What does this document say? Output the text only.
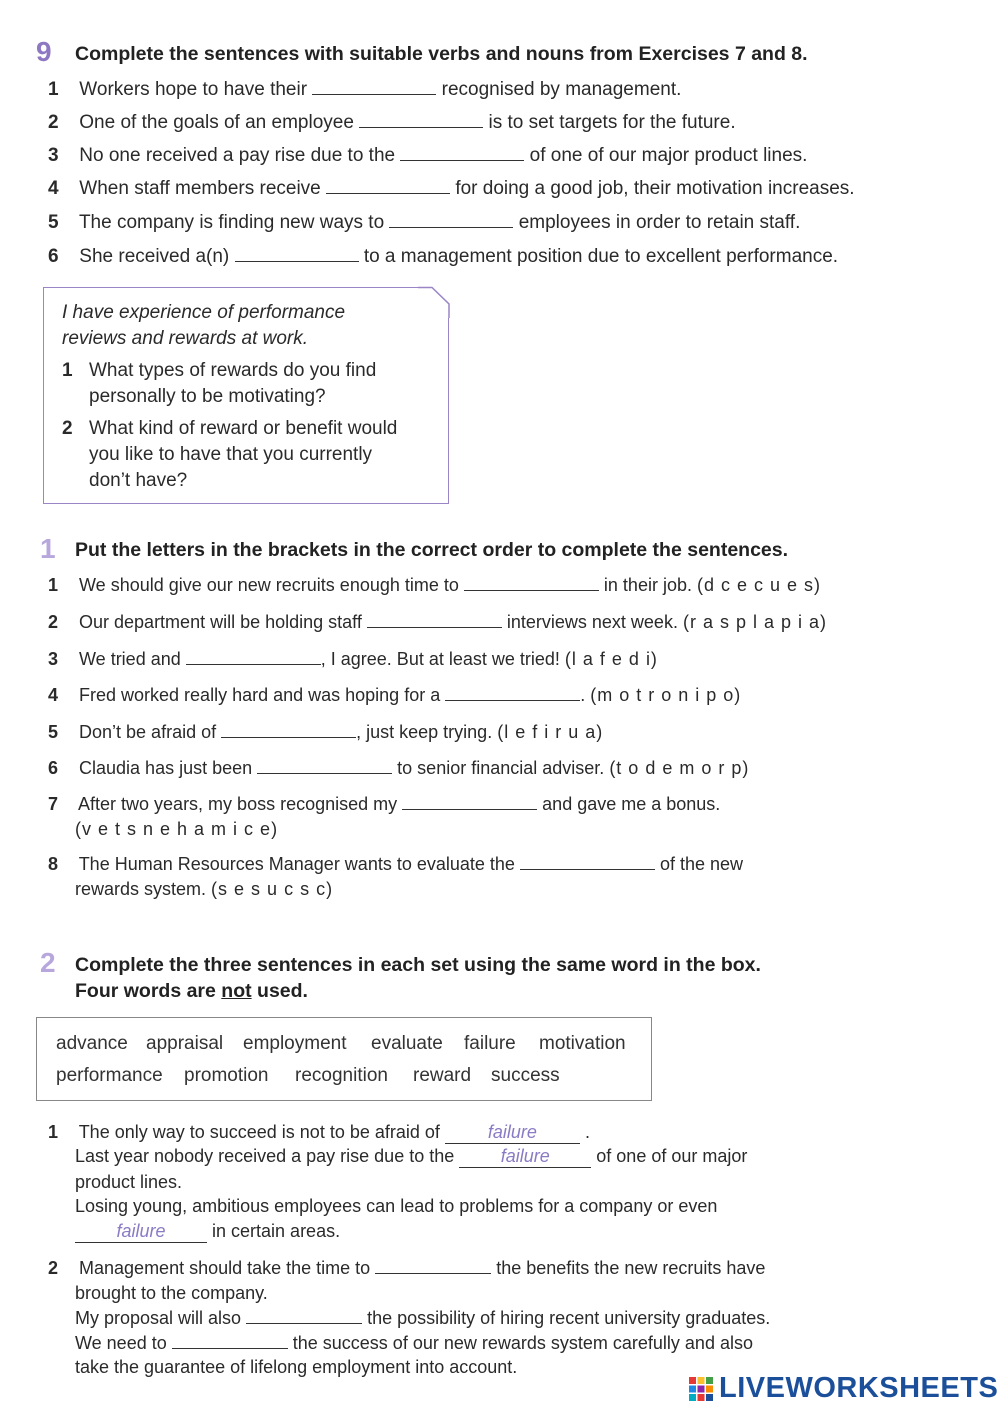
9 Complete the sentences with suitable verbs and nouns from Exercises 7 and 8.
1 Workers hope to have their	recognised by management.
2 One of the goals of an employee	is to set targets for the future.
3 No one received a pay rise due to the	of one of our major product lines.
4 When staff members receive	for doing a good job, their motivation increases.
5 The company is finding new ways to	employees in order to retain staff.
6 She received a(n)	to a management position due to excellent performance.
I have experience of performance
reviews and rewards at work.
1 What types of rewards do you find
personally to be motivating?
2 What kind of reward or benefit would
you like to have that you currently
don’t have?
1 Put the letters in the brackets in the correct order to complete the sentences.
1 We should give our new recruits enough time to	in their job. (d c e c u e s)
2 Our department will be holding staff	interviews next week. (r a s p l a p i a)
3 We tried and	, I agree. But at least we tried! (l a f e d i)
4 Fred worked really hard and was hoping for a	. (m o t r o n i p o)
5 Don’t be afraid of	, just keep trying. (l e f i r u a)
6 Claudia has just been	to senior financial adviser. (t o d e m o r p)
7 After two years, my boss recognised my	and gave me a bonus.
(v e t s n e h a m i c e)
8 The Human Resources Manager wants to evaluate the	of the new
rewards system. (s e s u c s c)
2 Complete the three sentences in each set using the same word in the box.
Four words are not used.
advance appraisal employment evaluate failure motivation
performance promotion recognition reward success
1 The only way to succeed is not to be afraid of	failure	.
Last year nobody received a pay rise due to the	failure	of one of our major
product lines.
Losing young, ambitious employees can lead to problems for a company or even
failure	in certain areas.
2 Management should take the time to	the benefits the new recruits have
brought to the company.
My proposal will also	the possibility of hiring recent university graduates.
We need to	the success of our new rewards system carefully and also
take the guarantee of lifelong employment into account.
LIVEWORKSHEETS
